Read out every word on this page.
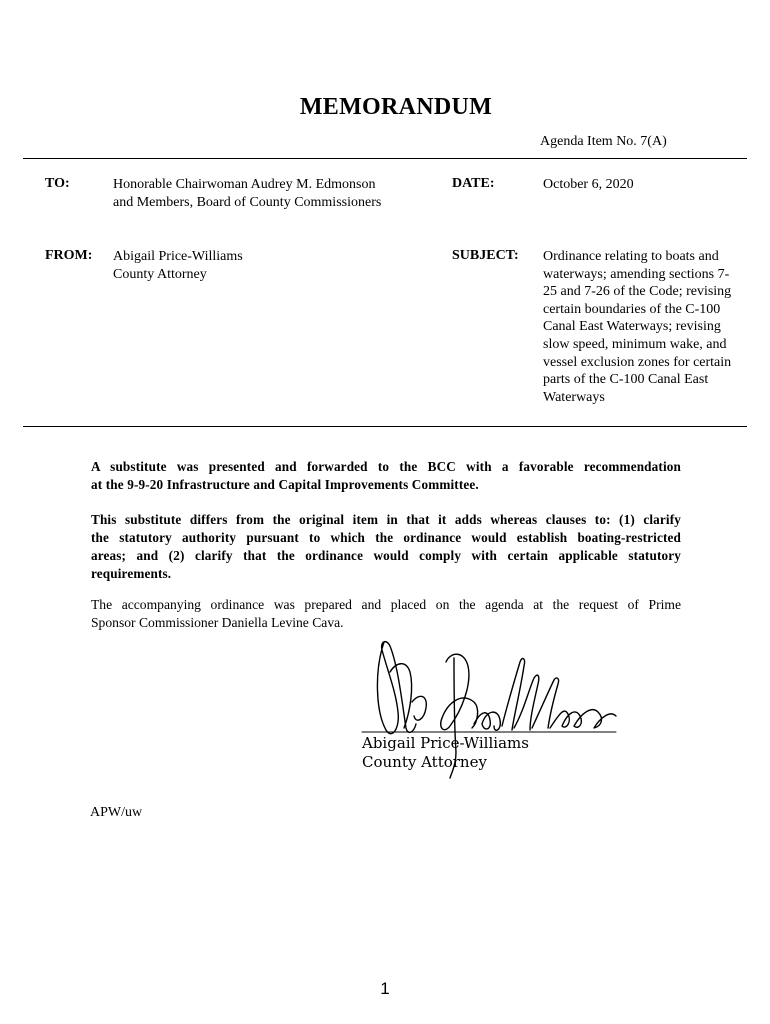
MEMORANDUM
Agenda Item No. 7(A)
TO:	Honorable Chairwoman Audrey M. Edmonson
and Members, Board of County Commissioners
DATE:	October 6, 2020
FROM: Abigail Price-Williams
County Attorney
SUBJECT: Ordinance relating to boats and
waterways; amending sections 7-
25 and 7-26 of the Code; revising
certain boundaries of the C-100
Canal East Waterways; revising
slow speed, minimum wake, and
vessel exclusion zones for certain
parts of the C-100 Canal East
Waterways
A substitute was presented and forwarded to the BCC with a favorable recommendation
at the 9-9-20 Infrastructure and Capital Improvements Committee.
This substitute differs from the original item in that it adds whereas clauses to: (1) clarify
the statutory authority pursuant to which the ordinance would establish boating-restricted
areas; and (2) clarify that the ordinance would comply with certain applicable statutory
requirements.
The accompanying ordinance was prepared and placed on the agenda at the request of Prime
Sponsor Commissioner Daniella Levine Cava.
Abigail Price-Williams
County Attorney
APW/uw
1
